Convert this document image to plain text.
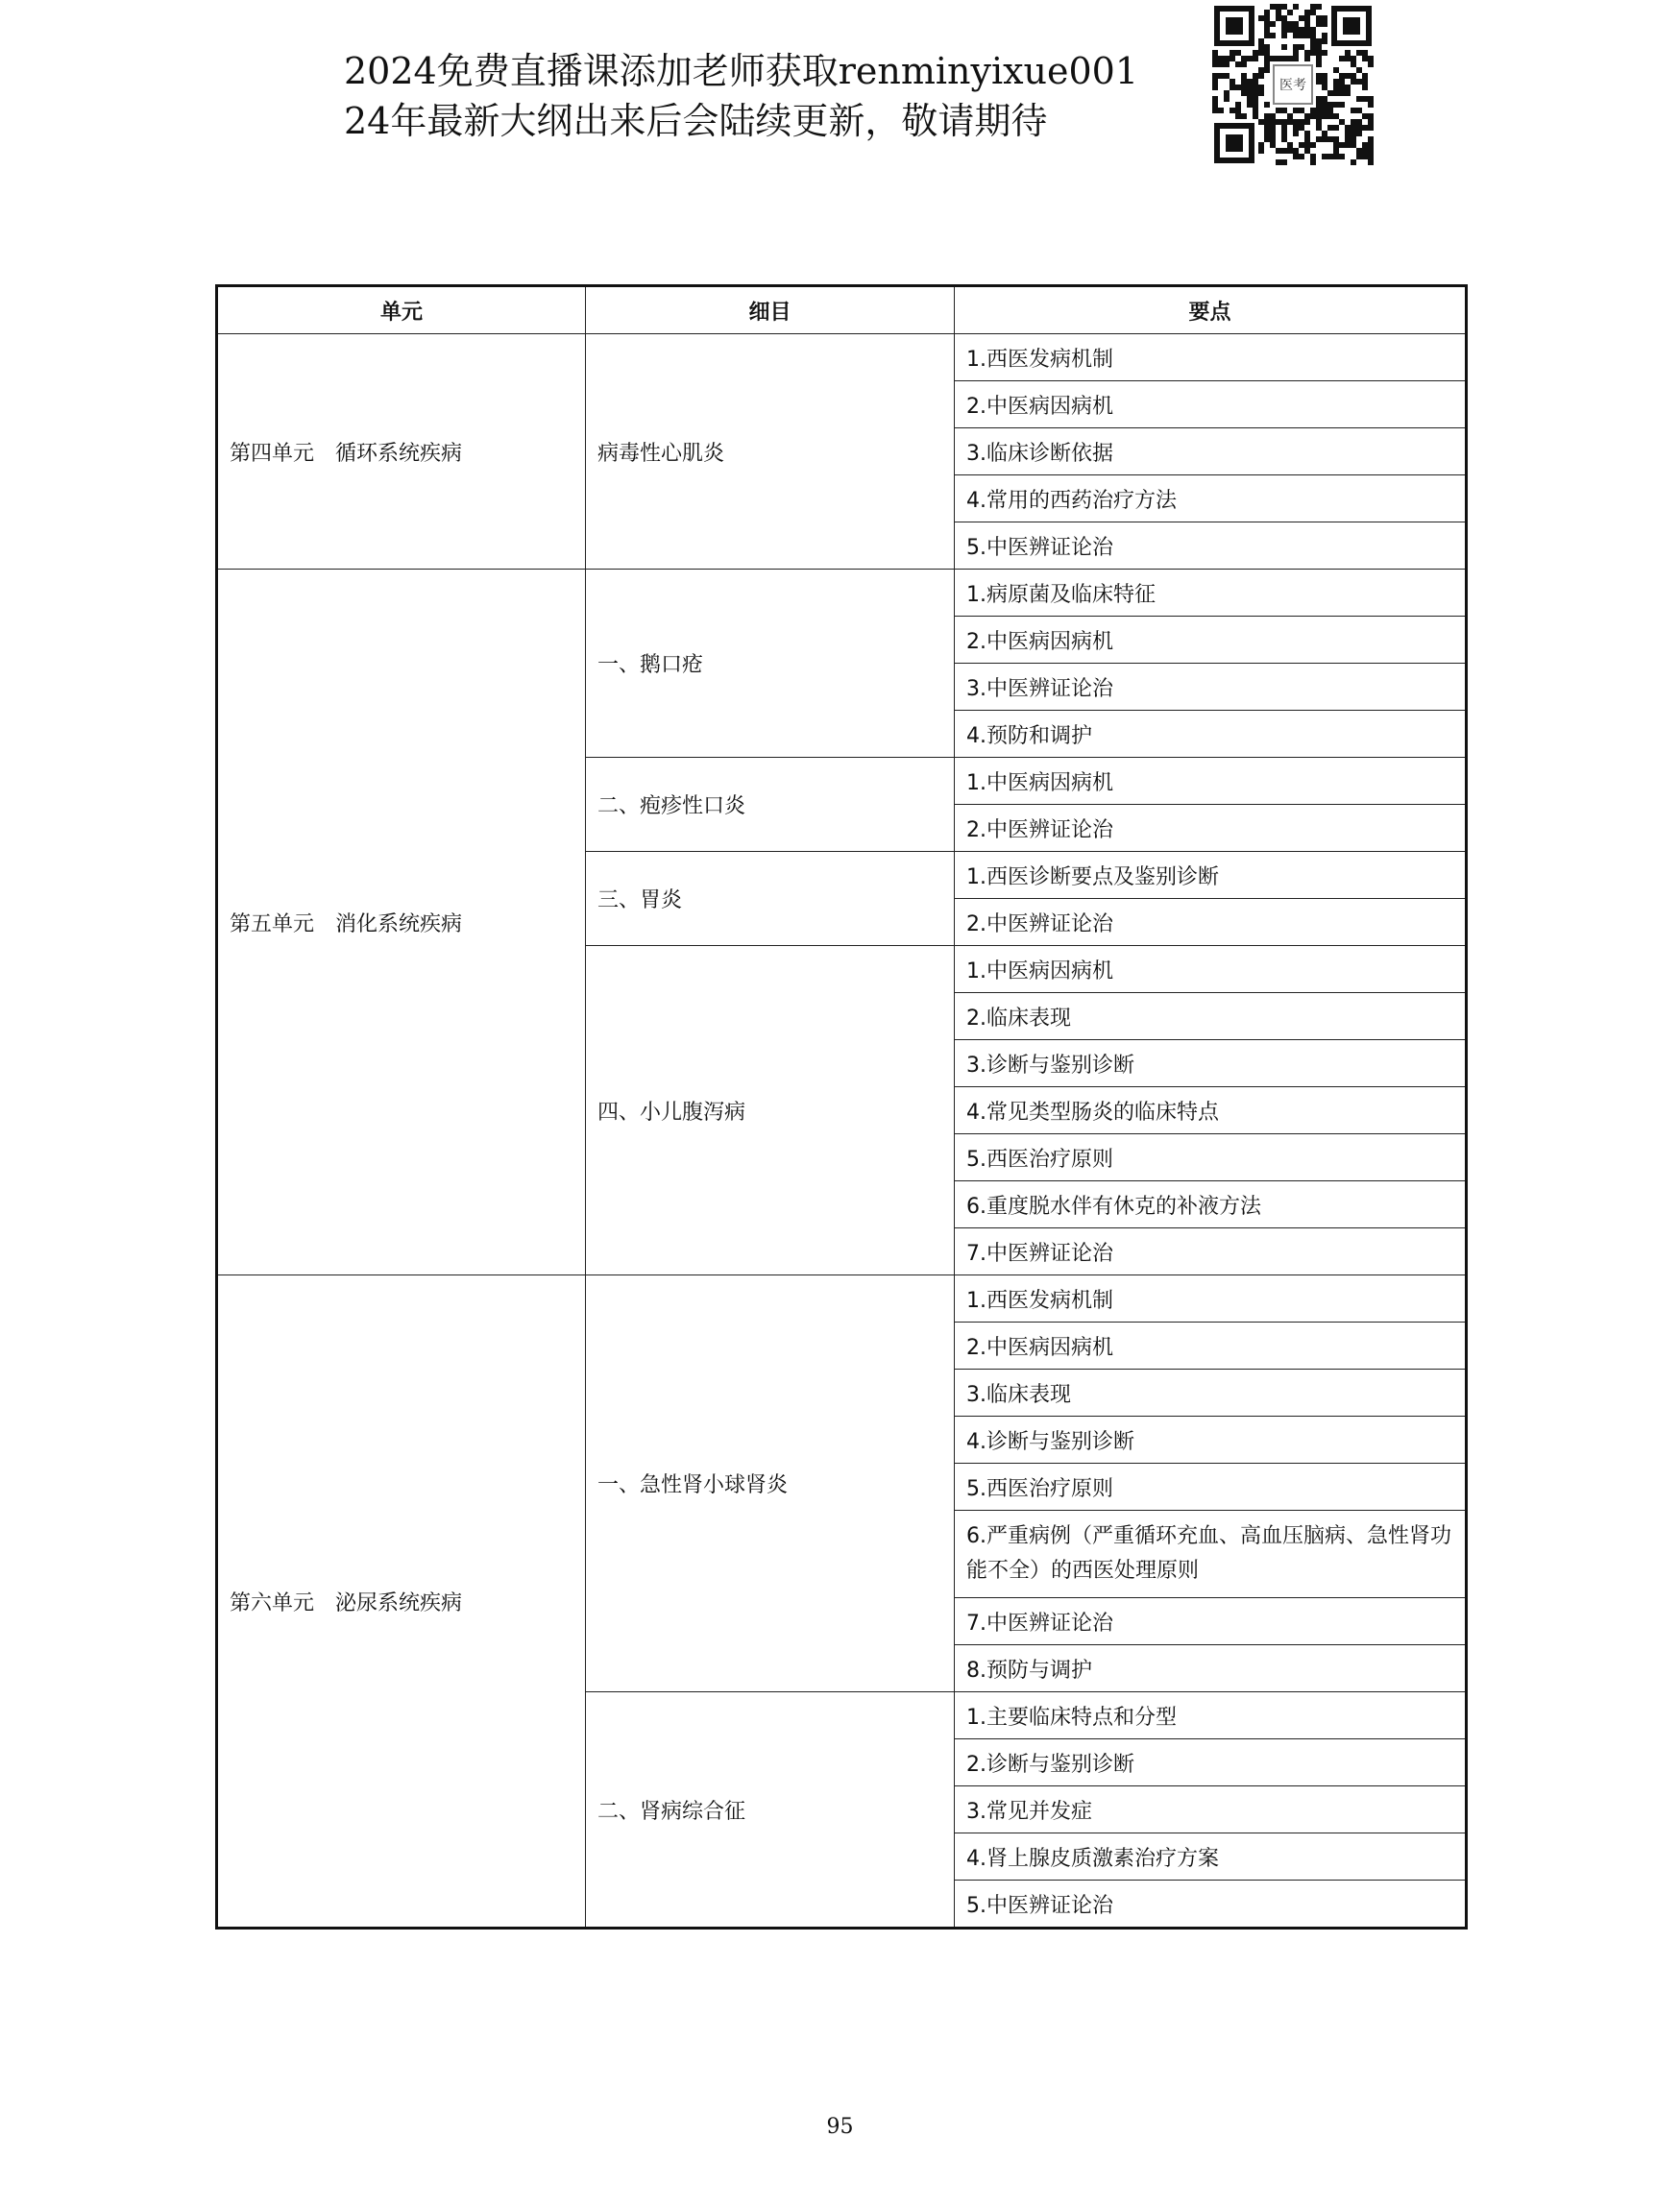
2024免费直播课添加老师获取renminyixue001
24年最新大纲出来后会陆续更新，敬请期待
医考
单元	细目	要点
第四单元 循环系统疾病	病毒性心肌炎	1.西医发病机制
		2.中医病因病机
		3.临床诊断依据
		4.常用的西药治疗方法
		5.中医辨证论治
第五单元 消化系统疾病	一、鹅口疮	1.病原菌及临床特征
		2.中医病因病机
		3.中医辨证论治
		4.预防和调护
	二、疱疹性口炎	1.中医病因病机
		2.中医辨证论治
	三、胃炎	1.西医诊断要点及鉴别诊断
		2.中医辨证论治
	四、小儿腹泻病	1.中医病因病机
		2.临床表现
		3.诊断与鉴别诊断
		4.常见类型肠炎的临床特点
		5.西医治疗原则
		6.重度脱水伴有休克的补液方法
		7.中医辨证论治
第六单元 泌尿系统疾病	一、急性肾小球肾炎	1.西医发病机制
		2.中医病因病机
		3.临床表现
		4.诊断与鉴别诊断
		5.西医治疗原则
		6.严重病例（严重循环充血、高血压脑病、急性肾功能不全）的西医处理原则
		7.中医辨证论治
		8.预防与调护
	二、肾病综合征	1.主要临床特点和分型
		2.诊断与鉴别诊断
		3.常见并发症
		4.肾上腺皮质激素治疗方案
		5.中医辨证论治
95
